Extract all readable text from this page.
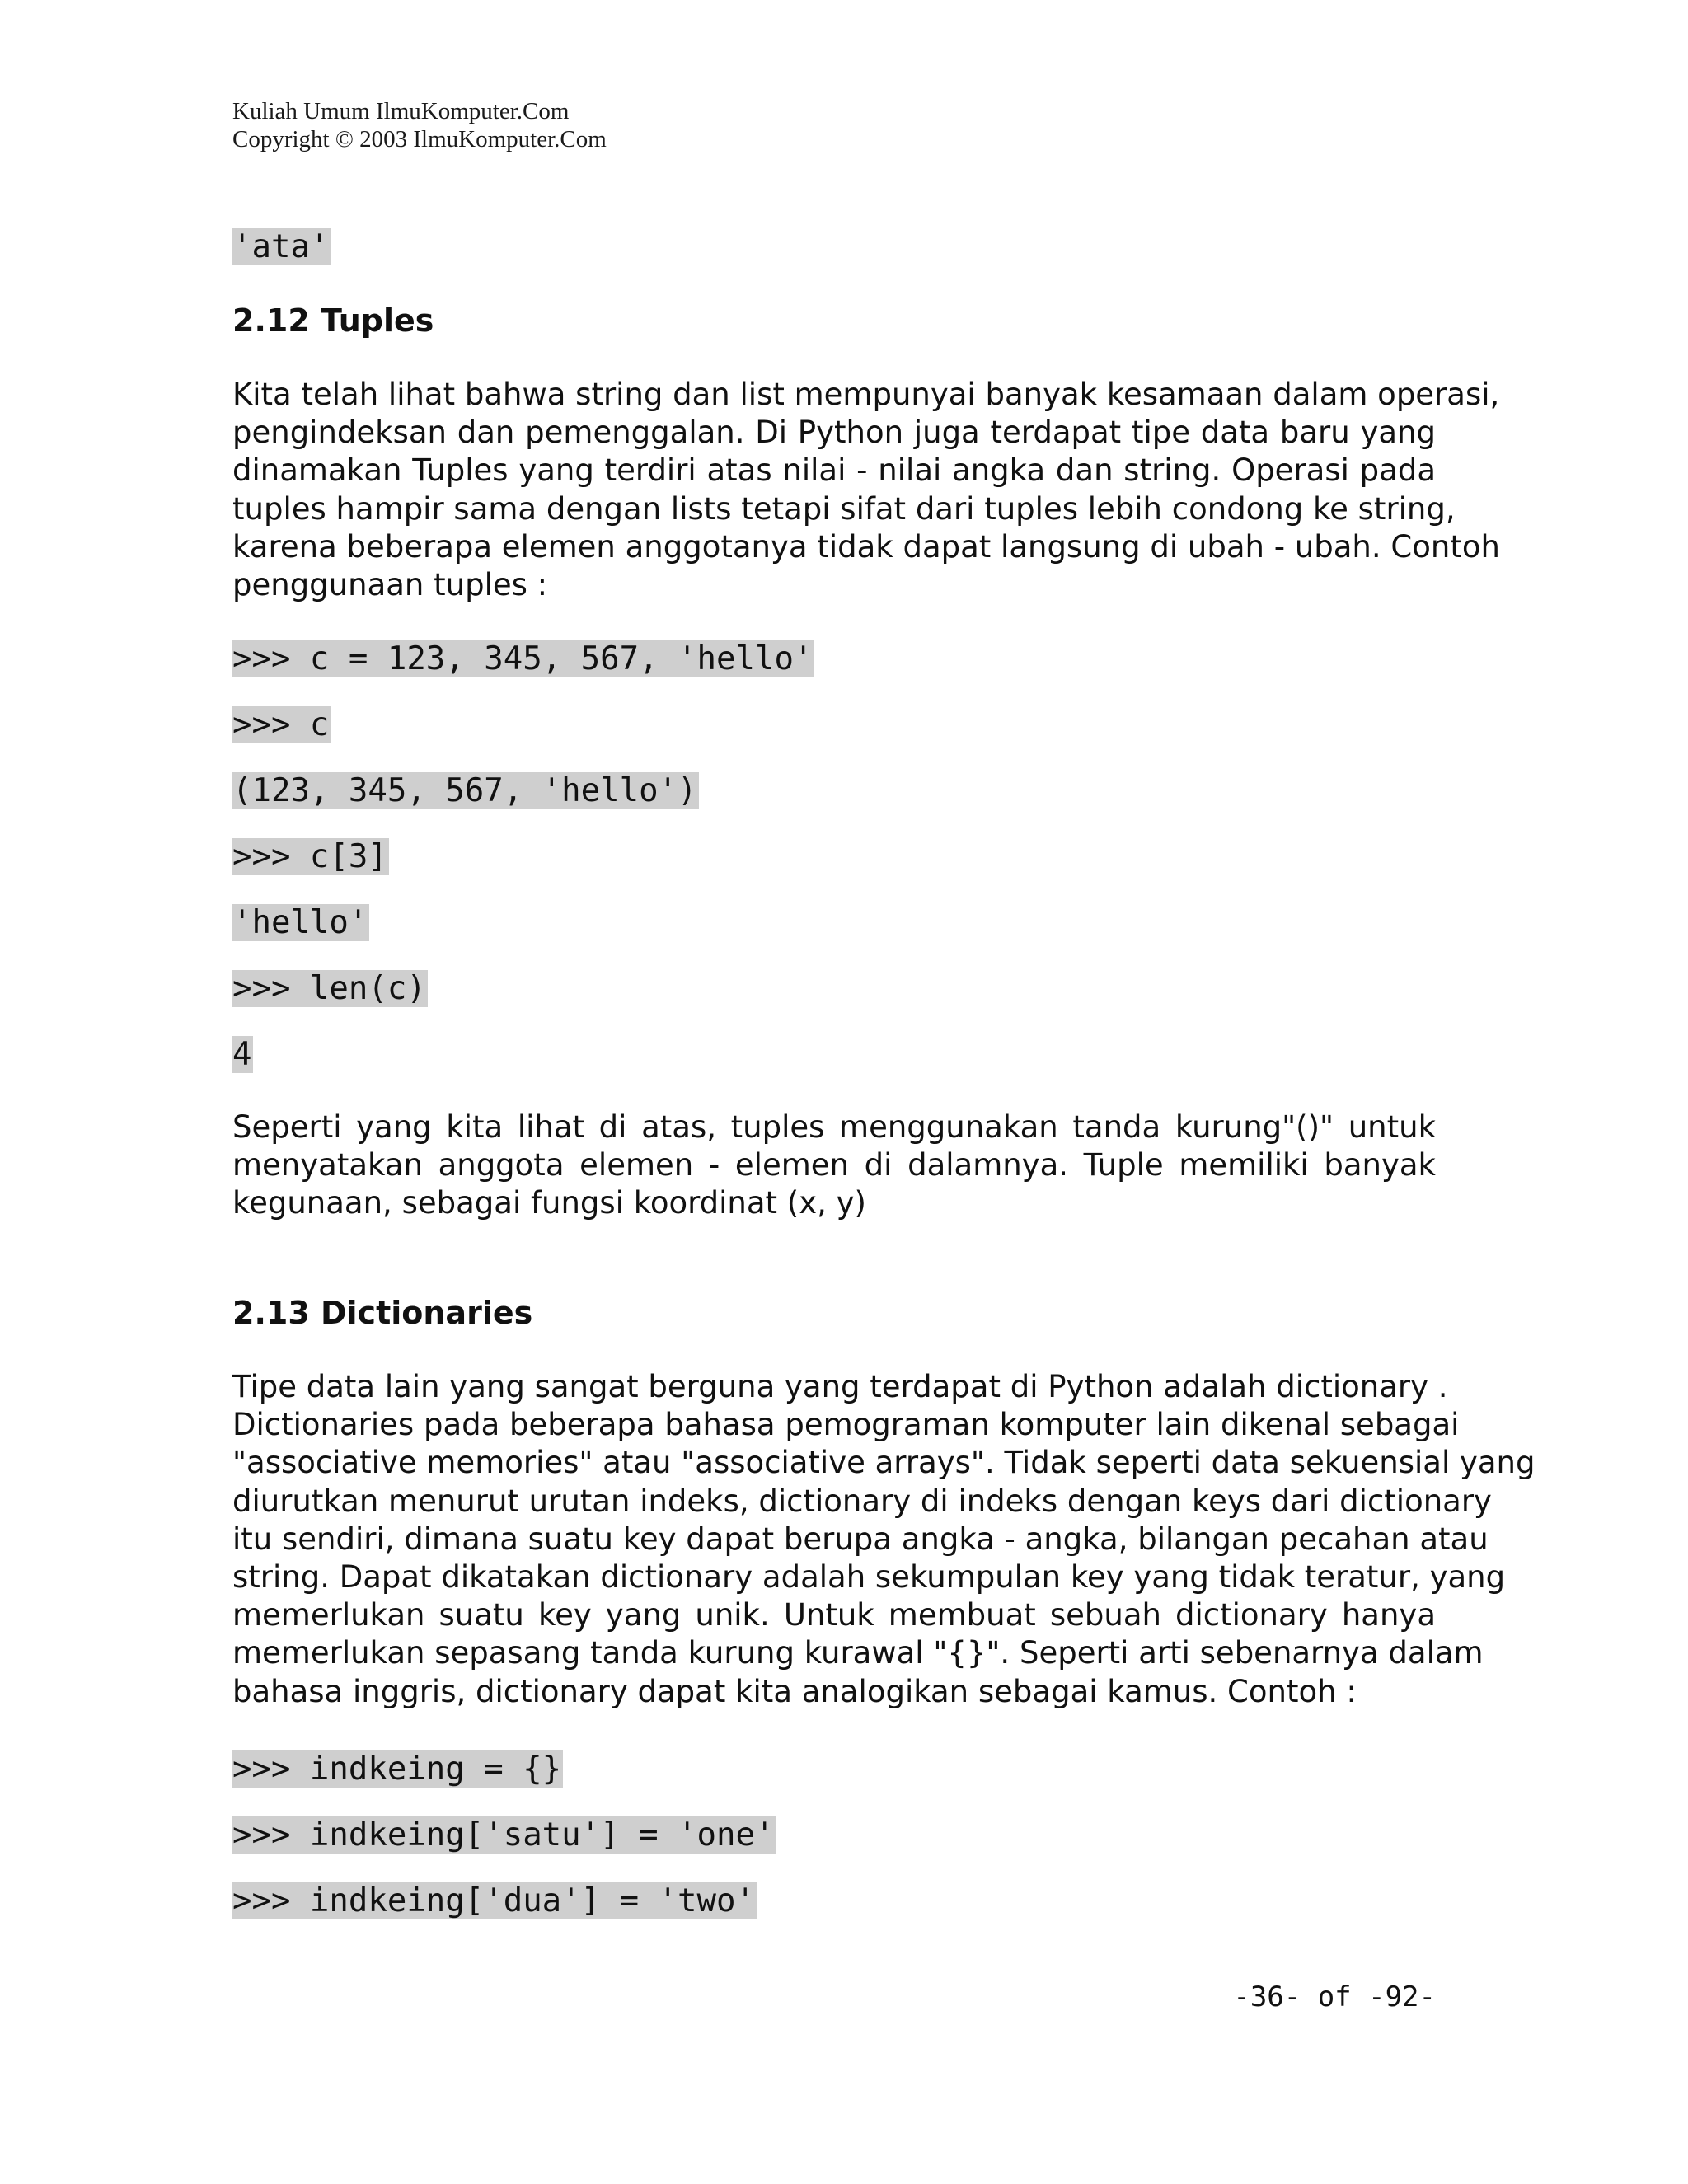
Kuliah Umum IlmuKomputer.Com
Copyright © 2003 IlmuKomputer.Com
'ata'
2.12 Tuples
Kita telah lihat bahwa string dan list mempunyai banyak kesamaan dalam operasi,
pengindeksan dan pemenggalan. Di Python juga terdapat tipe data baru yang
dinamakan Tuples yang terdiri atas nilai - nilai angka dan string. Operasi pada
tuples hampir sama dengan lists tetapi sifat dari tuples lebih condong ke string,
karena beberapa elemen anggotanya tidak dapat langsung di ubah - ubah. Contoh
penggunaan tuples :
>>> c = 123, 345, 567, 'hello'
>>> c
(123, 345, 567, 'hello')
>>> c[3]
'hello'
>>> len(c)
4
Seperti yang kita lihat di atas, tuples menggunakan tanda kurung"()" untuk
menyatakan anggota elemen - elemen di dalamnya. Tuple memiliki banyak
kegunaan, sebagai fungsi koordinat (x, y)
2.13 Dictionaries
Tipe data lain yang sangat berguna yang terdapat di Python adalah dictionary .
Dictionaries pada beberapa bahasa pemograman komputer lain dikenal sebagai
"associative memories" atau "associative arrays". Tidak seperti data sekuensial yang
diurutkan menurut urutan indeks, dictionary di indeks dengan keys dari dictionary
itu sendiri, dimana suatu key dapat berupa angka - angka, bilangan pecahan atau
string. Dapat dikatakan dictionary adalah sekumpulan key yang tidak teratur, yang
memerlukan suatu key yang unik. Untuk membuat sebuah dictionary hanya
memerlukan sepasang tanda kurung kurawal "{}". Seperti arti sebenarnya dalam
bahasa inggris, dictionary dapat kita analogikan sebagai kamus. Contoh :
>>> indkeing = {}
>>> indkeing['satu'] = 'one'
>>> indkeing['dua'] = 'two'
-36- of -92-
